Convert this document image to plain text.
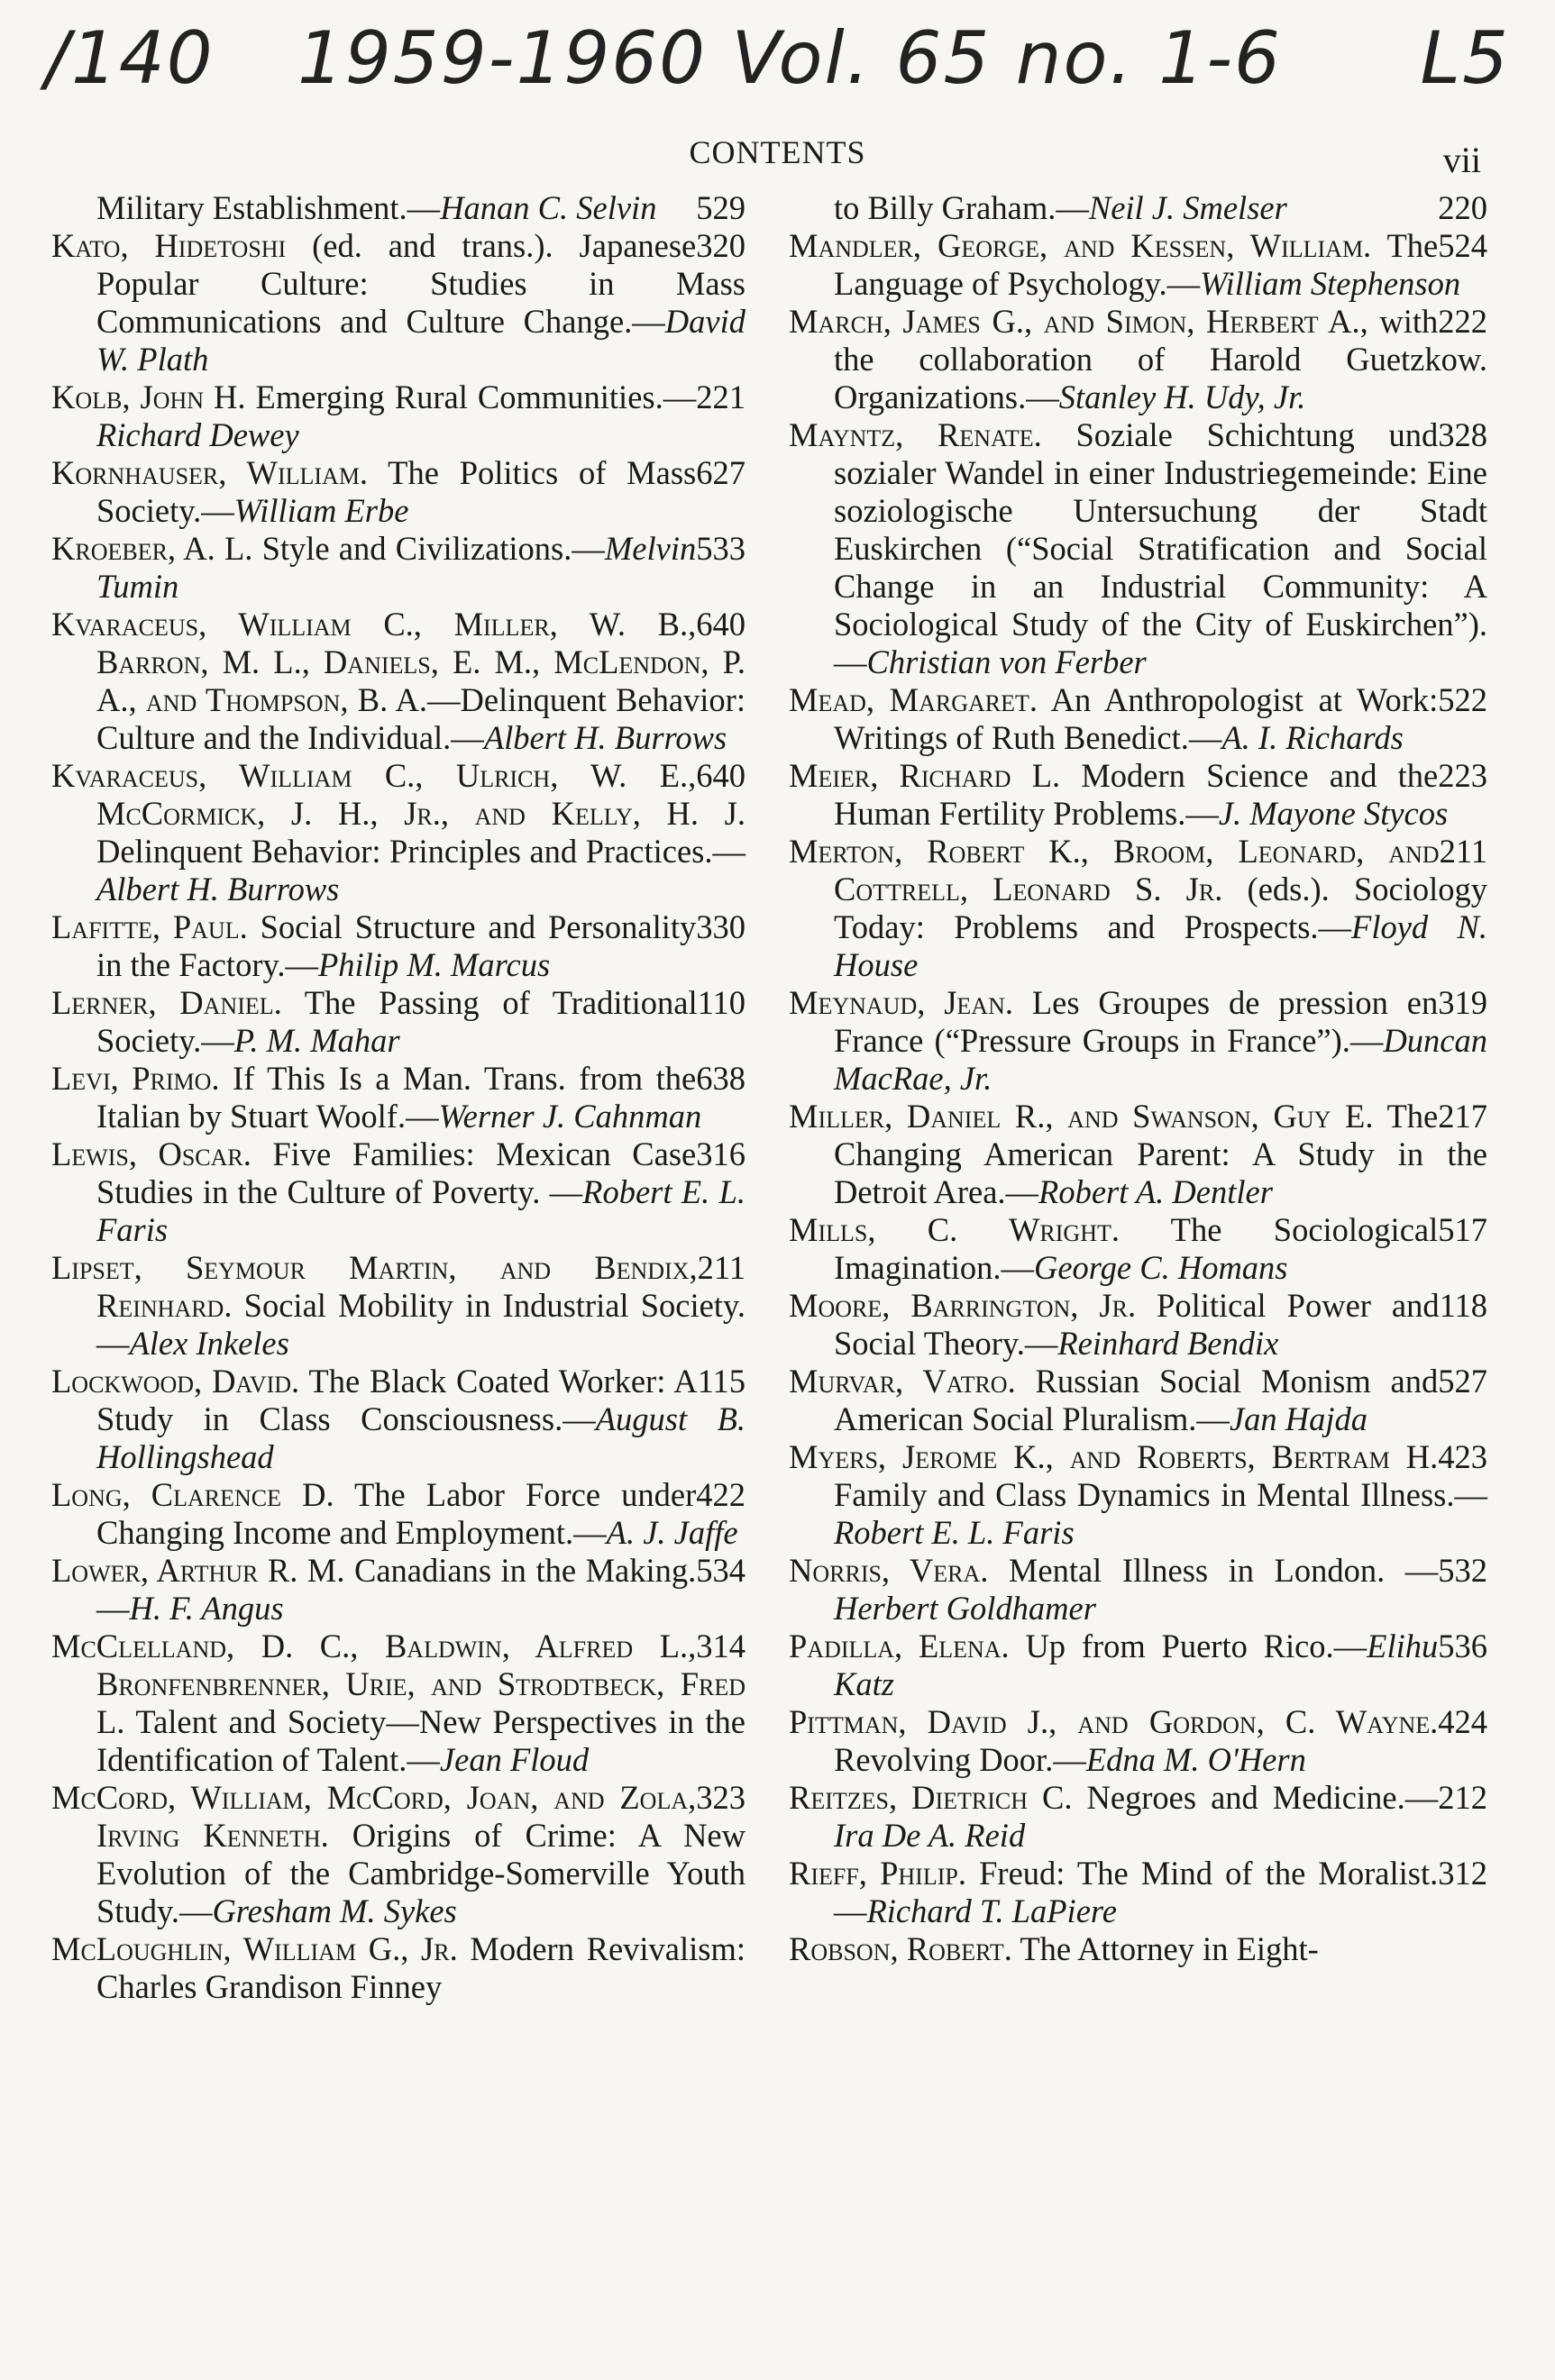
/140 1959-1960 Vol. 65 no. 1-6 L5
CONTENTS	vii

529
Military Establishment.—Hanan C. Selvin

320
Kato, Hidetoshi (ed. and trans.). Japanese Popular Culture: Studies in Mass Communications and Culture Change.—David W. Plath

221
Kolb, John H. Emerging Rural Communities.—Richard Dewey

627
Kornhauser, William. The Politics of Mass Society.—William Erbe

533
Kroeber, A. L. Style and Civilizations.—Melvin Tumin

640
Kvaraceus, William C., Miller, W. B., Barron, M. L., Daniels, E. M., McLendon, P. A., and Thompson, B. A.—Delinquent Behavior: Culture and the Individual.—Albert H. Burrows

640
Kvaraceus, William C., Ulrich, W. E., McCormick, J. H., Jr., and Kelly, H. J. Delinquent Behavior: Principles and Practices.—Albert H. Burrows

330
Lafitte, Paul. Social Structure and Personality in the Factory.—Philip M. Marcus

110
Lerner, Daniel. The Passing of Traditional Society.—P. M. Mahar

638
Levi, Primo. If This Is a Man. Trans. from the Italian by Stuart Woolf.—Werner J. Cahnman

316
Lewis, Oscar. Five Families: Mexican Case Studies in the Culture of Poverty. —Robert E. L. Faris

211
Lipset, Seymour Martin, and Bendix, Reinhard. Social Mobility in Industrial Society.—Alex Inkeles

115
Lockwood, David. The Black Coated Worker: A Study in Class Consciousness.—August B. Hollingshead

422
Long, Clarence D. The Labor Force under Changing Income and Employment.—A. J. Jaffe

534
Lower, Arthur R. M. Canadians in the Making.—H. F. Angus

314
McClelland, D. C., Baldwin, Alfred L., Bronfenbrenner, Urie, and Strodtbeck, Fred L. Talent and Society—New Perspectives in the Identification of Talent.—Jean Floud

323
McCord, William, McCord, Joan, and Zola, Irving Kenneth. Origins of Crime: A New Evolution of the Cambridge-Somerville Youth Study.—Gresham M. Sykes

McLoughlin, William G., Jr. Modern Revivalism: Charles Grandison Finney

220
to Billy Graham.—Neil J. Smelser

524
Mandler, George, and Kessen, William. The Language of Psychology.—William Stephenson

222
March, James G., and Simon, Herbert A., with the collaboration of Harold Guetzkow. Organizations.—Stanley H. Udy, Jr.

328
Mayntz, Renate. Soziale Schichtung und sozialer Wandel in einer Industriegemeinde: Eine soziologische Untersuchung der Stadt Euskirchen (“Social Stratification and Social Change in an Industrial Community: A Sociological Study of the City of Euskirchen”).—Christian von Ferber

522
Mead, Margaret. An Anthropologist at Work: Writings of Ruth Benedict.—A. I. Richards

223
Meier, Richard L. Modern Science and the Human Fertility Problems.—J. Mayone Stycos

211
Merton, Robert K., Broom, Leonard, and Cottrell, Leonard S. Jr. (eds.). Sociology Today: Problems and Prospects.—Floyd N. House

319
Meynaud, Jean. Les Groupes de pression en France (“Pressure Groups in France”).—Duncan MacRae, Jr.

217
Miller, Daniel R., and Swanson, Guy E. The Changing American Parent: A Study in the Detroit Area.—Robert A. Dentler

517
Mills, C. Wright. The Sociological Imagination.—George C. Homans

118
Moore, Barrington, Jr. Political Power and Social Theory.—Reinhard Bendix

527
Murvar, Vatro. Russian Social Monism and American Social Pluralism.—Jan Hajda

423
Myers, Jerome K., and Roberts, Bertram H. Family and Class Dynamics in Mental Illness.—Robert E. L. Faris

532
Norris, Vera. Mental Illness in London. —Herbert Goldhamer

536
Padilla, Elena. Up from Puerto Rico.—Elihu Katz

424
Pittman, David J., and Gordon, C. Wayne. Revolving Door.—Edna M. O'Hern

212
Reitzes, Dietrich C. Negroes and Medicine.—Ira De A. Reid

312
Rieff, Philip. Freud: The Mind of the Moralist.—Richard T. LaPiere

Robson, Robert. The Attorney in Eight-
